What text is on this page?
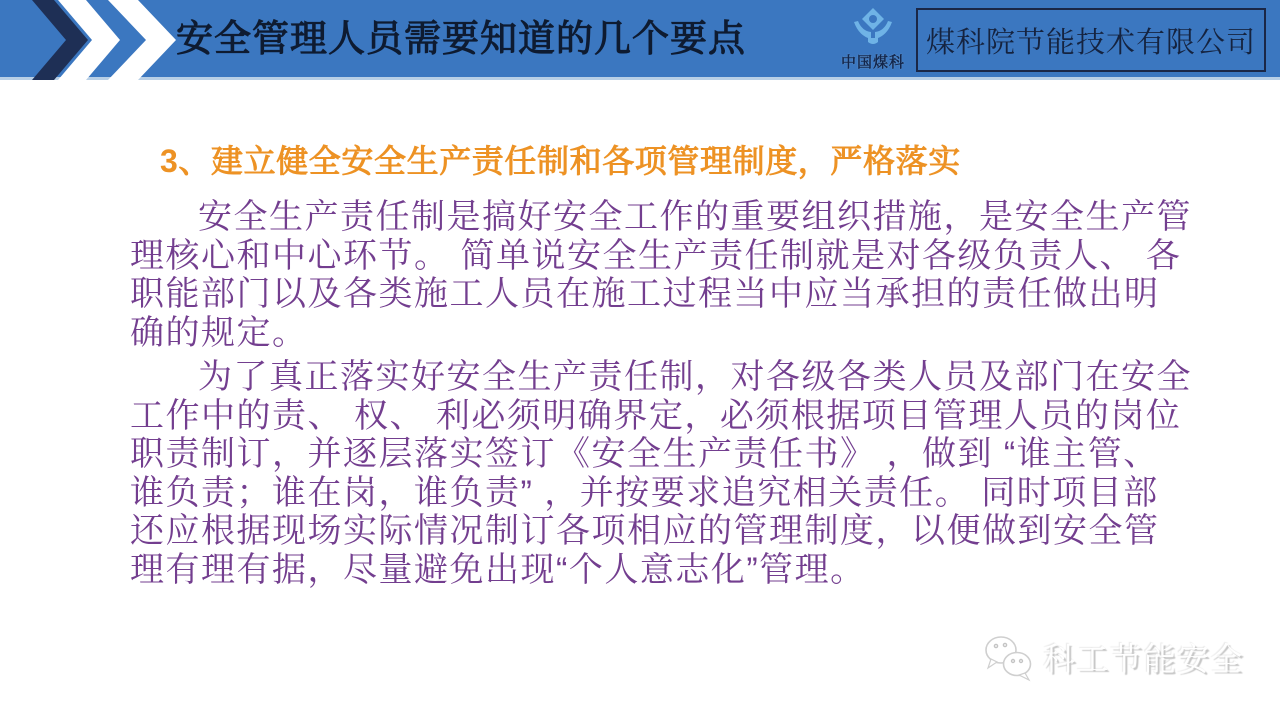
安全管理人员需要知道的几个要点
中国煤科
煤科院节能技术有限公司
3、建立健全安全生产责任制和各项管理制度，严格落实
安全生产责任制是搞好安全工作的重要组织措施，是安全生产管
理核心和中心环节。 简单说安全生产责任制就是对各级负责人、 各
职能部门以及各类施工人员在施工过程当中应当承担的责任做出明
确的规定。
为了真正落实好安全生产责任制，对各级各类人员及部门在安全
工作中的责、 权、 利必须明确界定，必须根据项目管理人员的岗位
职责制订，并逐层落实签订《安全生产责任书》 ，做到 “谁主管、
谁负责；谁在岗，谁负责” ，并按要求追究相关责任。 同时项目部
还应根据现场实际情况制订各项相应的管理制度，以便做到安全管
理有理有据，尽量避免出现“个人意志化”管理。
科工节能安全
